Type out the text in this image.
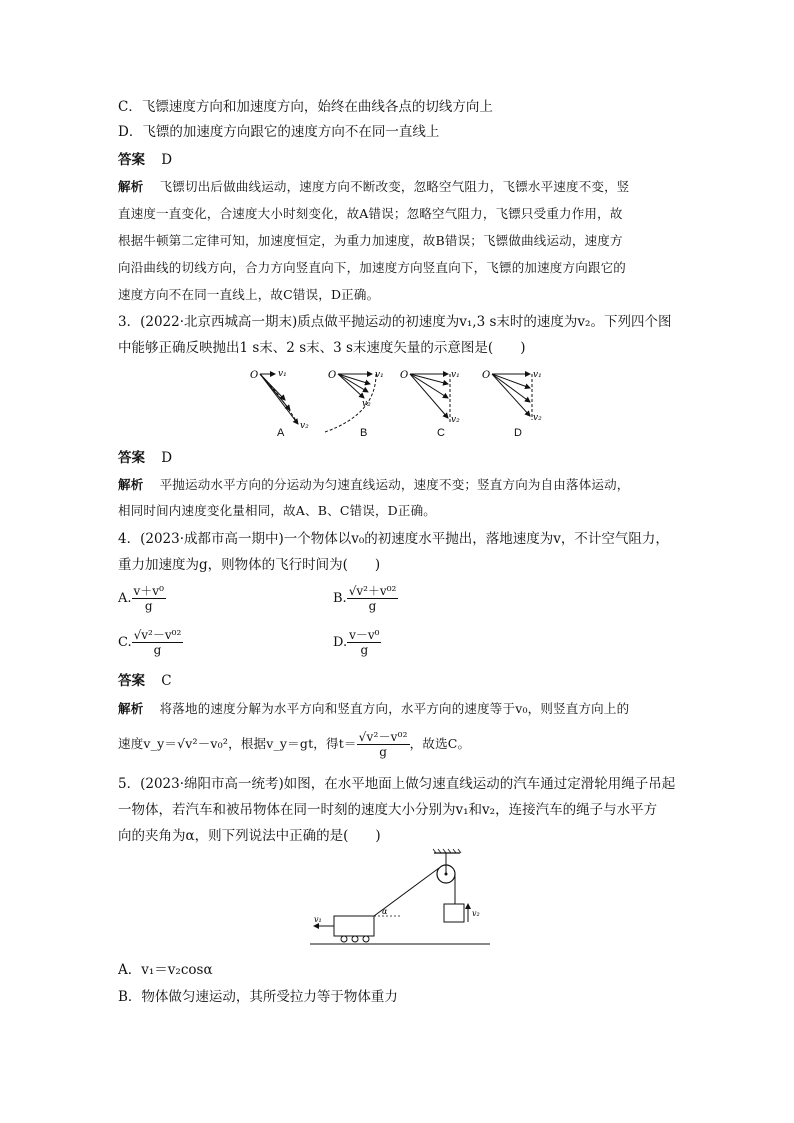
C．飞镖速度方向和加速度方向，始终在曲线各点的切线方向上
D．飞镖的加速度方向跟它的速度方向不在同一直线上
答案 D
解析 飞镖切出后做曲线运动，速度方向不断改变，忽略空气阻力，飞镖水平速度不变，竖
直速度一直变化，合速度大小时刻变化，故A错误；忽略空气阻力，飞镖只受重力作用，故
根据牛顿第二定律可知，加速度恒定，为重力加速度，故B错误；飞镖做曲线运动，速度方
向沿曲线的切线方向，合力方向竖直向下，加速度方向竖直向下，飞镖的加速度方向跟它的
速度方向不在同一直线上，故C错误，D正确。
3．(2022·北京西城高一期末)质点做平抛运动的初速度为v₁,3 s末时的速度为v₂。下列四个图
中能够正确反映抛出1 s末、2 s末、3 s末速度矢量的示意图是(　　)
O v₁
v₂
O	v₁
v₂
O	v₁
v₂
O	v₁
v₂
A	B	C	D
答案 D
解析 平抛运动水平方向的分运动为匀速直线运动，速度不变；竖直方向为自由落体运动，
相同时间内速度变化量相同，故A、B、C错误，D正确。
4．(2023·成都市高一期中)一个物体以v₀的初速度水平抛出，落地速度为v，不计空气阻力，
重力加速度为g，则物体的飞行时间为(　　)
A. $\frac{\text{v＋v⁰}}{g}$	B. $\frac{\text{√v²＋v⁰²}}{g}$
C. $\frac{\text{√v²－v⁰²}}{g}$	D. $\frac{\text{v－v⁰}}{g}$
答案 C
解析 将落地的速度分解为水平方向和竖直方向，水平方向的速度等于v₀，则竖直方向上的
速度v_y＝√v²－v₀²，根据v_y＝gt，得$t= \frac{\text{√v²－v⁰²}}{g}$ ，故选C。
5．(2023·绵阳市高一统考)如图，在水平地面上做匀速直线运动的汽车通过定滑轮用绳子吊起
一物体，若汽车和被吊物体在同一时刻的速度大小分别为v₁和v₂，连接汽车的绳子与水平方
向的夹角为α，则下列说法中正确的是(　　)
v₂
α
v₁
A．v₁＝v₂cosα
B．物体做匀速运动，其所受拉力等于物体重力
